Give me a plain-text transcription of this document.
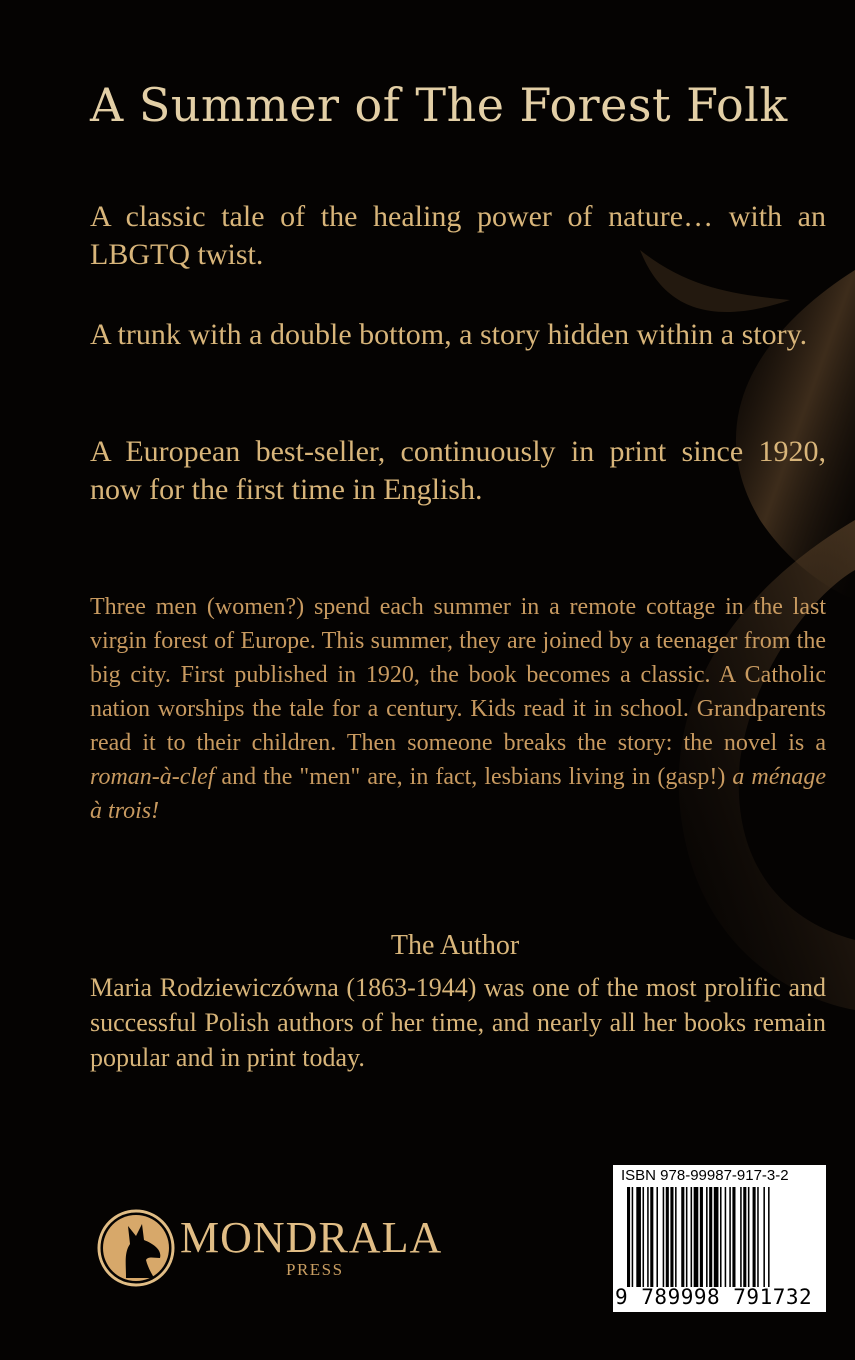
A Summer of The Forest Folk

A classic tale of the healing power of nature… with an LBGTQ twist.

A trunk with a double bottom, a story hidden within a story.

A European best-seller, continuously in print since 1920, now for the first time in English.

Three men (women?) spend each summer in a remote cottage in the last virgin forest of Europe. This summer, they are joined by a teenager from the big city. First published in 1920, the book becomes a classic. A Catholic nation worships the tale for a century. Kids read it in school. Grandparents read it to their children. Then someone breaks the story: the novel is a roman-à-clef and the "men" are, in fact, lesbians living in (gasp!) a ménage à trois!

The Author

Maria Rodziewiczówna (1863-1944) was one of the most prolific and successful Polish authors of her time, and nearly all her books remain popular and in print today.

MONDRALA
PRESS
ISBN 978-99987-917-3-2
9 789998 791732
